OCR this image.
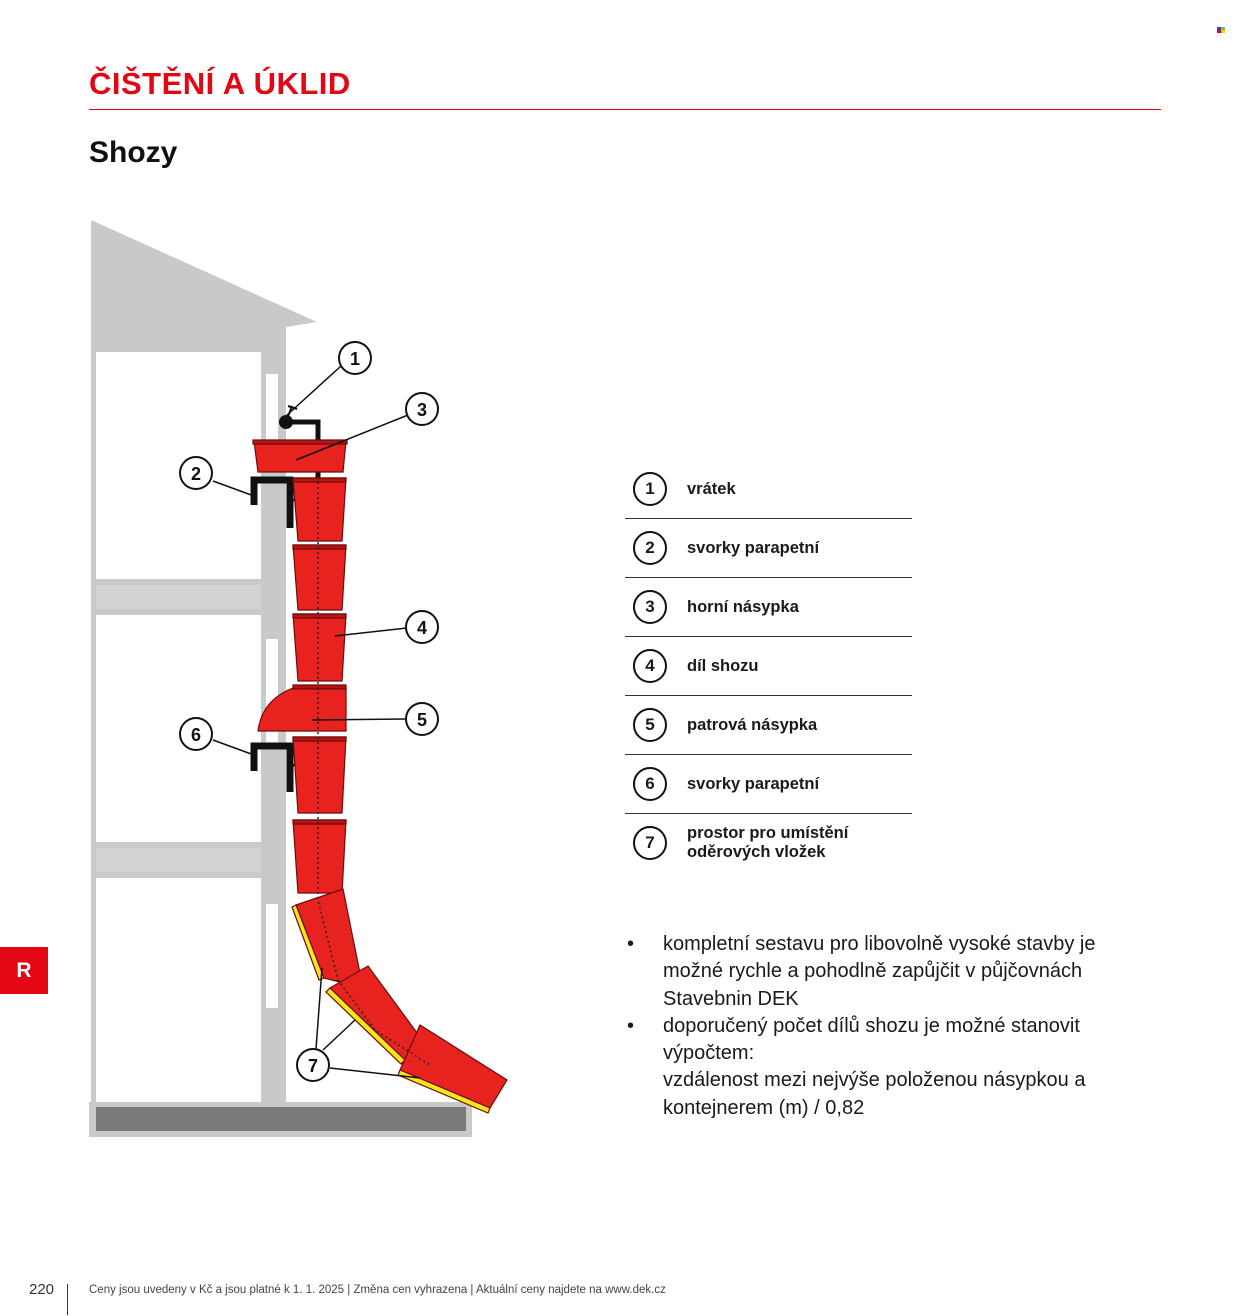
ČIŠTĚNÍ A ÚKLID
Shozy
1
2
3
4
5
6
7
1	vrátek
2	svorky parapetní
3	horní násypka
4	díl shozu
5	patrová násypka
6	svorky parapetní
7	prostor pro umístění
oděrových vložek
• kompletní sestavu pro libovolně vysoké stavby je možné rychle a pohodlně zapůjčit v půjčovnách Stavebnin DEK
• doporučený počet dílů shozu je možné stanovit výpočtem:
vzdálenost mezi nejvýše položenou násypkou a kontejnerem (m) / 0,82
R
220	Ceny jsou uvedeny v Kč a jsou platné k 1. 1. 2025 | Změna cen vyhrazena | Aktuální ceny najdete na www.dek.cz
